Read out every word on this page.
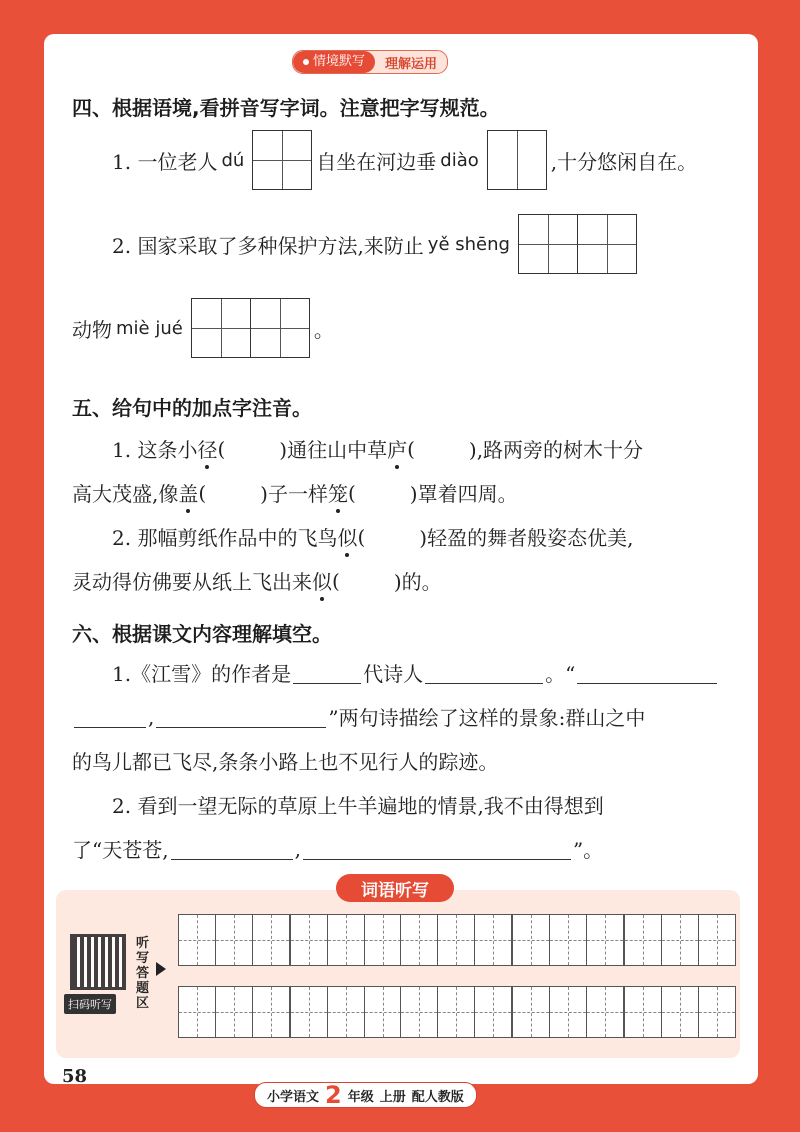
情境默写	理解运用
四、根据语境,看拼音写字词。注意把字写规范。
1. 一位老人 dú	自坐在河边垂 diào	,十分悠闲自在。
2. 国家采取了多种保护方法,来防止 yě shēng
动物 miè jué	。
五、给句中的加点字注音。
1. 这条小 径 (	)通往山中草 庐 (	),路两旁的树木十分
高大茂盛,像 盖 (	)子一样 笼 (	)罩着四周。
2. 那幅剪纸作品中的飞鸟 似 (	)轻盈的舞者般姿态优美,
灵动得仿佛要从纸上飞出来 似 (	)的。
六、根据课文内容理解填空。
1.《江雪》的作者是	代诗人	。“
,	”两句诗描绘了这样的景象:群山之中
的鸟儿都已飞尽,条条小路上也不见行人的踪迹。
2. 看到一望无际的草原上牛羊遍地的情景,我不由得想到
了“天苍苍,	,	”。
词语听写
扫码听写
听写答题区
58
小学语文 2 年级 上册 配人教版
